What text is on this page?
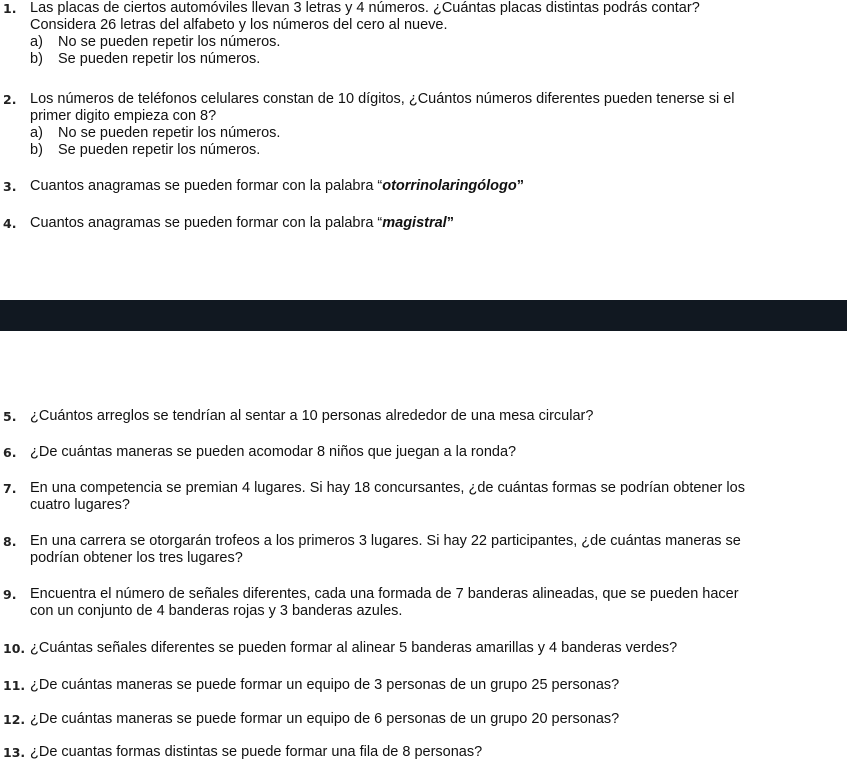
1. Las placas de ciertos automóviles llevan 3 letras y 4 números. ¿Cuántas placas distintas podrás contar?
Considera 26 letras del alfabeto y los números del cero al nueve.
a) No se pueden repetir los números.
b) Se pueden repetir los números.
2. Los números de teléfonos celulares constan de 10 dígitos, ¿Cuántos números diferentes pueden tenerse si el
primer digito empieza con 8?
a) No se pueden repetir los números.
b) Se pueden repetir los números.
3. Cuantos anagramas se pueden formar con la palabra “otorrinolaringólogo”
4. Cuantos anagramas se pueden formar con la palabra “magistral”
5. ¿Cuántos arreglos se tendrían al sentar a 10 personas alrededor de una mesa circular?
6. ¿De cuántas maneras se pueden acomodar 8 niños que juegan a la ronda?
7. En una competencia se premian 4 lugares. Si hay 18 concursantes, ¿de cuántas formas se podrían obtener los
cuatro lugares?
8. En una carrera se otorgarán trofeos a los primeros 3 lugares. Si hay 22 participantes, ¿de cuántas maneras se
podrían obtener los tres lugares?
9. Encuentra el número de señales diferentes, cada una formada de 7 banderas alineadas, que se pueden hacer
con un conjunto de 4 banderas rojas y 3 banderas azules.
10. ¿Cuántas señales diferentes se pueden formar al alinear 5 banderas amarillas y 4 banderas verdes?
11. ¿De cuántas maneras se puede formar un equipo de 3 personas de un grupo 25 personas?
12. ¿De cuántas maneras se puede formar un equipo de 6 personas de un grupo 20 personas?
13. ¿De cuantas formas distintas se puede formar una fila de 8 personas?
